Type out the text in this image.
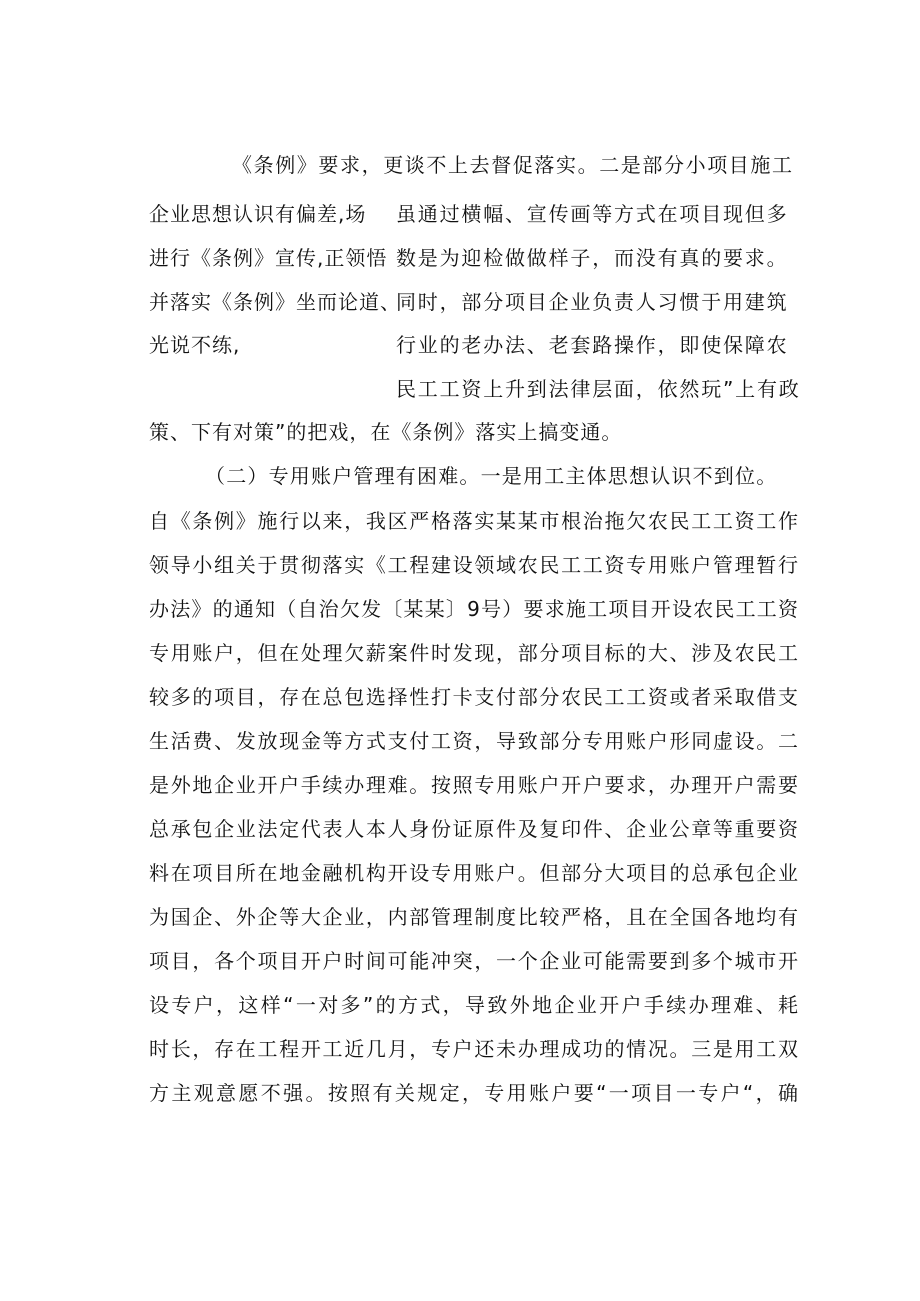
《条例》要求，更谈不上去督促落实。二是部分小项目施工
企业思想认识有偏差,场 虽通过横幅、宣传画等方式在项目现但多
进行《条例》宣传,正领悟 数是为迎检做做样子，而没有真的要求。
并落实《条例》坐而论道、
同时，部分项目企业负责人习惯于用建筑
光说不练,	行业的老办法、老套路操作，即使保障农
民工工资上升到法律层面，依然玩”上有政
策、下有对策”的把戏，在《条例》落实上搞变通。
（二）专用账户管理有困难。一是用工主体思想认识不到位。
自《条例》施行以来，我区严格落实某某市根治拖欠农民工工资工作
领导小组关于贯彻落实《工程建设领域农民工工资专用账户管理暂行
办法》的通知（自治欠发〔某某〕9号）要求施工项目开设农民工工资
专用账户，但在处理欠薪案件时发现，部分项目标的大、涉及农民工
较多的项目，存在总包选择性打卡支付部分农民工工资或者采取借支
生活费、发放现金等方式支付工资，导致部分专用账户形同虚设。二
是外地企业开户手续办理难。按照专用账户开户要求，办理开户需要
总承包企业法定代表人本人身份证原件及复印件、企业公章等重要资
料在项目所在地金融机构开设专用账户。但部分大项目的总承包企业
为国企、外企等大企业，内部管理制度比较严格，且在全国各地均有
项目，各个项目开户时间可能冲突，一个企业可能需要到多个城市开
设专户，这样“一对多”的方式，导致外地企业开户手续办理难、耗
时长，存在工程开工近几月，专户还未办理成功的情况。三是用工双
方主观意愿不强。按照有关规定，专用账户要“一项目一专户“，确
